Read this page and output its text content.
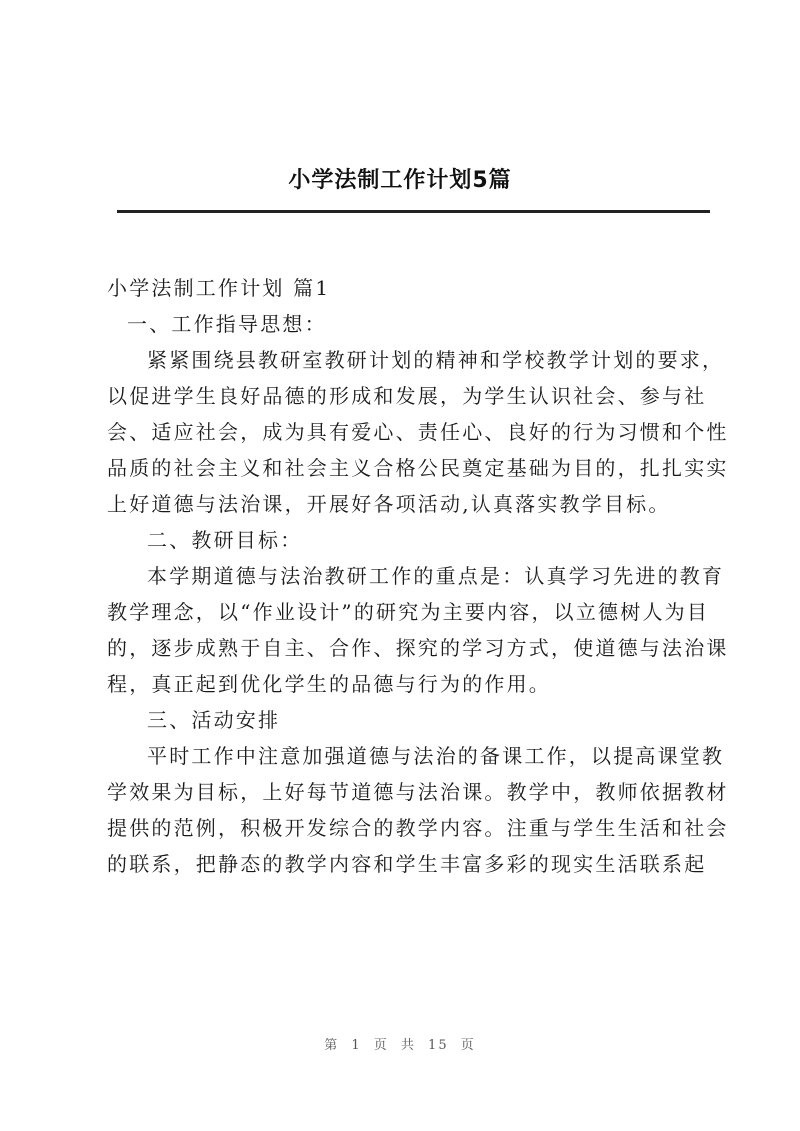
小学法制工作计划5篇
小学法制工作计划 篇1
一、工作指导思想：
紧紧围绕县教研室教研计划的精神和学校教学计划的要求，
以促进学生良好品德的形成和发展，为学生认识社会、参与社
会、适应社会，成为具有爱心、责任心、良好的行为习惯和个性
品质的社会主义和社会主义合格公民奠定基础为目的，扎扎实实
上好道德与法治课，开展好各项活动,认真落实教学目标。
二、教研目标：
本学期道德与法治教研工作的重点是：认真学习先进的教育
教学理念，以“作业设计”的研究为主要内容，以立德树人为目
的，逐步成熟于自主、合作、探究的学习方式，使道德与法治课
程，真正起到优化学生的品德与行为的作用。
三、活动安排
平时工作中注意加强道德与法治的备课工作，以提高课堂教
学效果为目标，上好每节道德与法治课。教学中，教师依据教材
提供的范例，积极开发综合的教学内容。注重与学生生活和社会
的联系，把静态的教学内容和学生丰富多彩的现实生活联系起
第 1 页 共 15 页
